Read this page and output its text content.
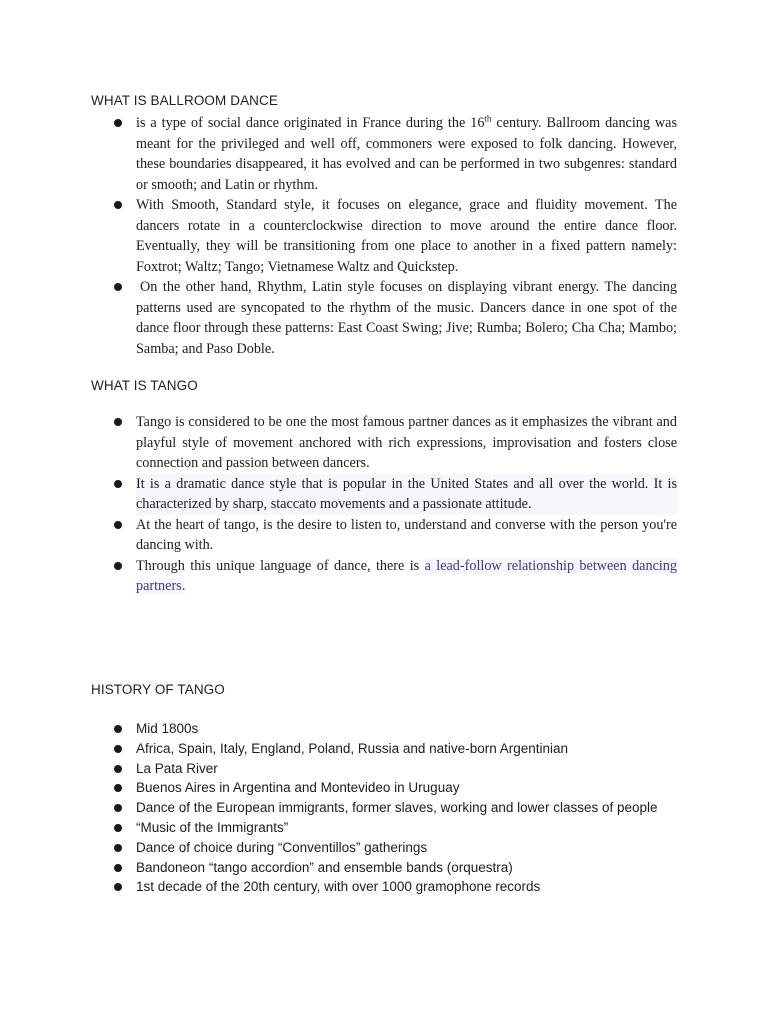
WHAT IS BALLROOM DANCE
is a type of social dance originated in France during the 16th century. Ballroom dancing was meant for the privileged and well off, commoners were exposed to folk dancing. However, these boundaries disappeared, it has evolved and can be performed in two subgenres: standard or smooth; and Latin or rhythm.
With Smooth, Standard style, it focuses on elegance, grace and fluidity movement. The dancers rotate in a counterclockwise direction to move around the entire dance floor. Eventually, they will be transitioning from one place to another in a fixed pattern namely: Foxtrot; Waltz; Tango; Vietnamese Waltz and Quickstep.
On the other hand, Rhythm, Latin style focuses on displaying vibrant energy. The dancing patterns used are syncopated to the rhythm of the music. Dancers dance in one spot of the dance floor through these patterns: East Coast Swing; Jive; Rumba; Bolero; Cha Cha; Mambo; Samba; and Paso Doble.
WHAT IS TANGO
Tango is considered to be one the most famous partner dances as it emphasizes the vibrant and playful style of movement anchored with rich expressions, improvisation and fosters close connection and passion between dancers.
It is a dramatic dance style that is popular in the United States and all over the world. It is characterized by sharp, staccato movements and a passionate attitude.
At the heart of tango, is the desire to listen to, understand and converse with the person you're dancing with.
Through this unique language of dance, there is a lead-follow relationship between dancing partners.
HISTORY OF TANGO
Mid 1800s
Africa, Spain, Italy, England, Poland, Russia and native-born Argentinian
La Pata River
Buenos Aires in Argentina and Montevideo in Uruguay
Dance of the European immigrants, former slaves, working and lower classes of people
“Music of the Immigrants”
Dance of choice during “Conventillos” gatherings
Bandoneon “tango accordion” and ensemble bands (orquestra)
1st decade of the 20th century, with over 1000 gramophone records
